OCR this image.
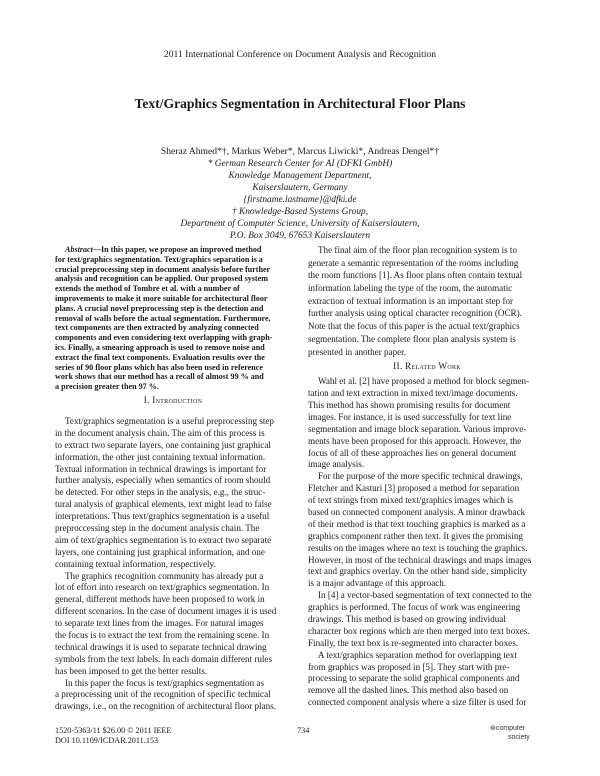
2011 International Conference on Document Analysis and Recognition
Text/Graphics Segmentation in Architectural Floor Plans
Sheraz Ahmed*†, Markus Weber*, Marcus Liwicki*, Andreas Dengel*†
* German Research Center for AI (DFKI GmbH)
Knowledge Management Department,
Kaiserslautern, Germany
{firstname.lastname}@dfki.de
† Knowledge-Based Systems Group,
Department of Computer Science, University of Kaiserslautern,
P.O. Box 3049, 67653 Kaiserslautern
Abstract—In this paper, we propose an improved method
for text/graphics segmentation. Text/graphics separation is a
crucial preprocessing step in document analysis before further
analysis and recognition can be applied. Our proposed system
extends the method of Tombre et al. with a number of
improvements to make it more suitable for architectural floor
plans. A crucial novel preprocessing step is the detection and
removal of walls before the actual segmentation. Furthermore,
text components are then extracted by analyzing connected
components and even considering text overlapping with graph-
ics. Finally, a smearing approach is used to remove noise and
extract the final text components. Evaluation results over the
series of 90 floor plans which has also been used in reference
work shows that our method has a recall of almost 99 % and
a precision greater then 97 %.
I. Introduction
Text/graphics segmentation is a useful preprocessing step
in the document analysis chain. The aim of this process is
to extract two separate layers, one containing just graphical
information, the other just containing textual information.
Textual information in technical drawings is important for
further analysis, especially when semantics of room should
be detected. For other steps in the analysis, e.g., the struc-
tural analysis of graphical elements, text might lead to false
interpretations. Thus text/graphics segmentation is a useful
preproccessing step in the document analysis chain. The
aim of text/graphics segmentation is to extract two separate
layers, one containing just graphical information, and one
containing textual information, respectively.
The graphics recognition community has already put a
lot of effort into research on text/graphics segmentation. In
general, different methods have been proposed to work in
different scenarios. In the case of document images it is used
to separate text lines from the images. For natural images
the focus is to extract the text from the remaining scene. In
technical drawings it is used to separate technical drawing
symbols from the text labels. In each domain different rules
has been imposed to get the better results.
In this paper the focus is text/graphics segmentation as
a preprocessing unit of the recognition of specific technical
drawings, i.e., on the recognition of architectural floor plans.
The final aim of the floor plan recognition system is to
generate a semantic representation of the rooms including
the room functions [1]. As floor plans often contain textual
information labeling the type of the room, the automatic
extraction of textual information is an important step for
further analysis using optical character recognition (OCR).
Note that the focus of this paper is the actual text/graphics
segmentation. The complete floor plan analysis system is
presented in another paper.
II. Related Work
Wahl et al. [2] have proposed a method for block segmen-
tation and text extraction in mixed text/image documents.
This method has shown promising results for document
images. For instance, it is used successfully for text line
segmentation and image block separation. Various improve-
ments have been proposed for this approach. However, the
focus of all of these approaches lies on general document
image analysis.
For the purpose of the more specific technical drawings,
Fletcher and Kasturi [3] proposed a method for separation
of text strings from mixed text/graphics images which is
based on connected component analysis. A minor drawback
of their method is that text touching graphics is marked as a
graphics component rather then text. It gives the promising
results on the images where no text is touching the graphics.
However, in most of the technical drawings and maps images
text and graphics overlay. On the other hand side, simplicity
is a major advantage of this approach.
In [4] a vector-based segmentation of text connected to the
graphics is performed. The focus of work was engineering
drawings. This method is based on growing individual
character box regions which are then merged into text boxes.
Finally, the text box is re-segmented into character boxes.
A text/graphics separation method for overlapping text
from graphics was proposed in [5]. They start with pre-
processing to separate the solid graphical components and
remove all the dashed lines. This method also based on
connected component analysis where a size filter is used for
1520-5363/11 $26.00 © 2011 IEEE
DOI 10.1109/ICDAR.2011.153
734	⊛computer
society
